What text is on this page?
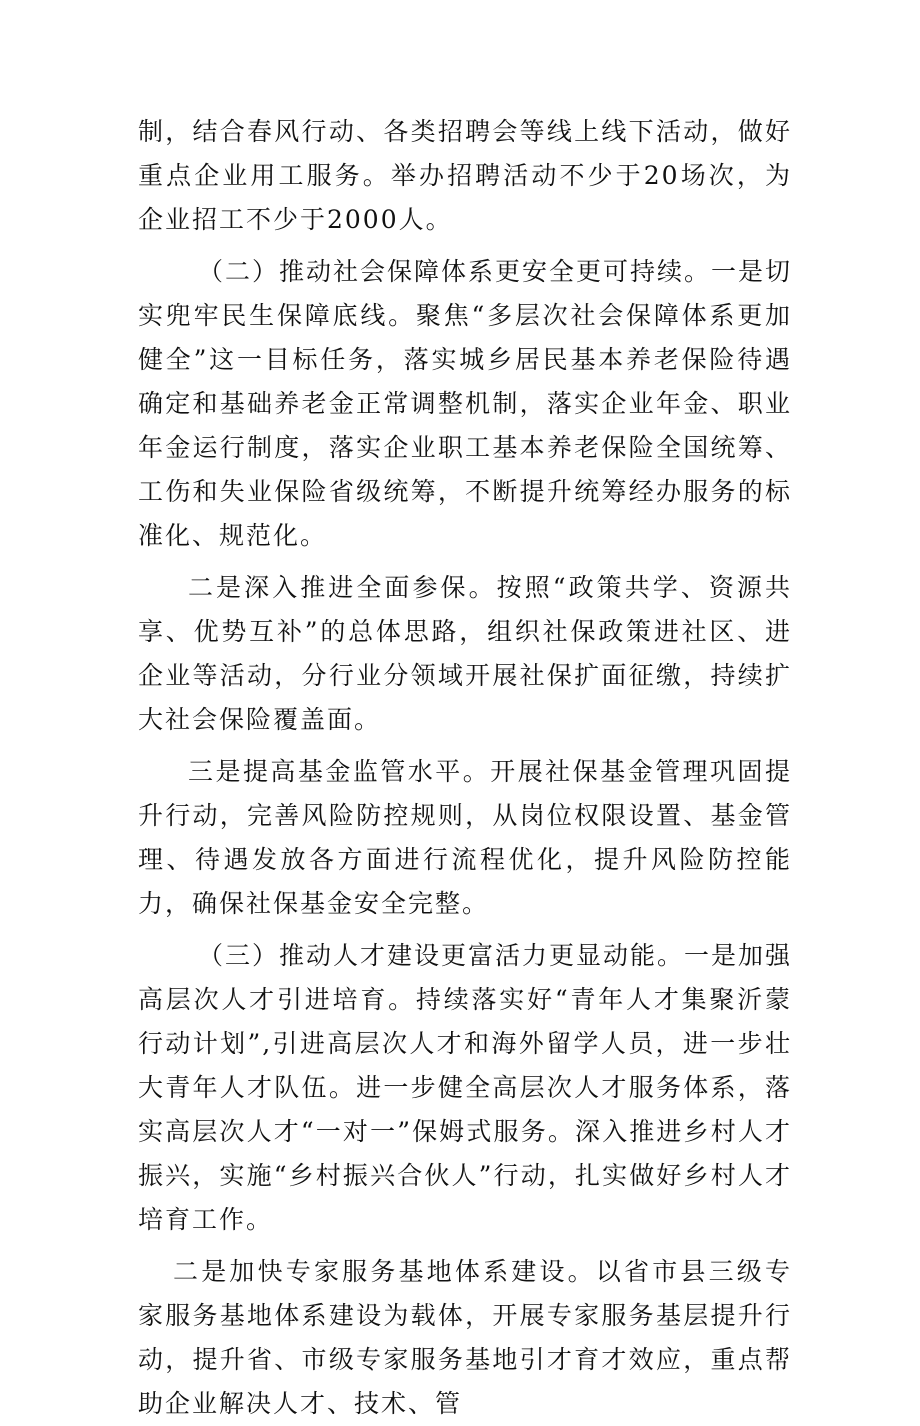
制，结合春风行动、各类招聘会等线上线下活动，做好重点企业用工服务。举办招聘活动不少于20场次，为企业招工不少于2000人。

（二）推动社会保障体系更安全更可持续。一是切实兜牢民生保障底线。聚焦“多层次社会保障体系更加健全”这一目标任务，落实城乡居民基本养老保险待遇确定和基础养老金正常调整机制，落实企业年金、职业年金运行制度，落实企业职工基本养老保险全国统筹、工伤和失业保险省级统筹，不断提升统筹经办服务的标准化、规范化。

二是深入推进全面参保。按照“政策共学、资源共享、优势互补”的总体思路，组织社保政策进社区、进企业等活动，分行业分领域开展社保扩面征缴，持续扩大社会保险覆盖面。

三是提高基金监管水平。开展社保基金管理巩固提升行动，完善风险防控规则，从岗位权限设置、基金管理、待遇发放各方面进行流程优化，提升风险防控能力，确保社保基金安全完整。

（三）推动人才建设更富活力更显动能。一是加强高层次人才引进培育。持续落实好“青年人才集聚沂蒙行动计划”,引进高层次人才和海外留学人员，进一步壮大青年人才队伍。进一步健全高层次人才服务体系，落实高层次人才“一对一”保姆式服务。深入推进乡村人才振兴，实施“乡村振兴合伙人”行动，扎实做好乡村人才培育工作。

二是加快专家服务基地体系建设。以省市县三级专家服务基地体系建设为载体，开展专家服务基层提升行动，提升省、市级专家服务基地引才育才效应，重点帮助企业解决人才、技术、管
